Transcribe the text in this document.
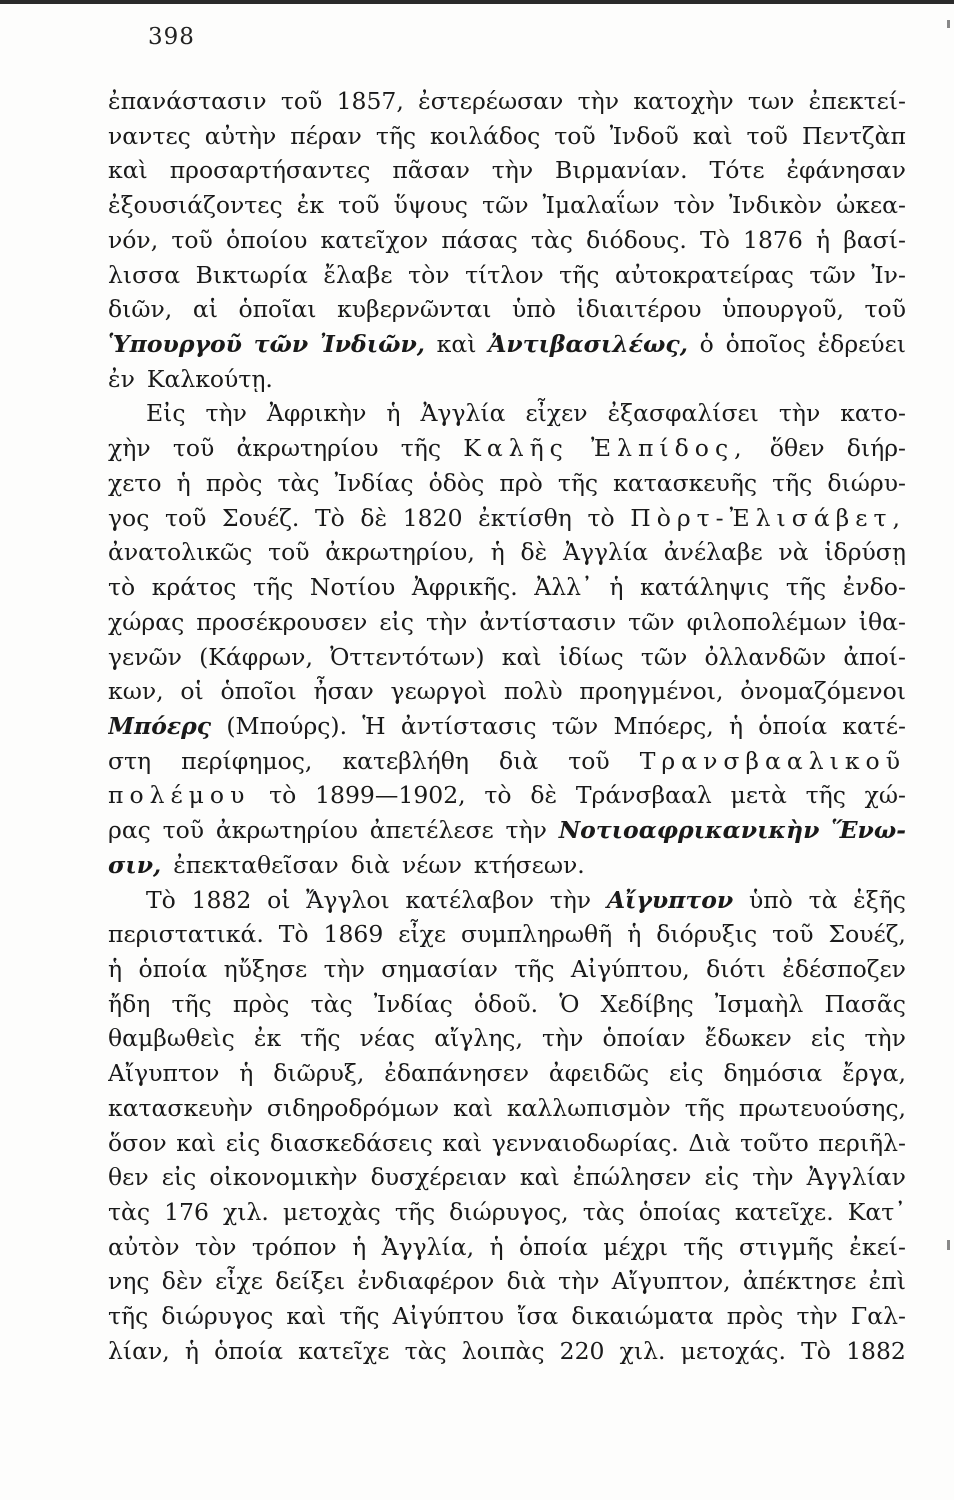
398
ἐπανάστασιν τοῦ 1857, ἐστερέωσαν τὴν κατοχὴν των ἐπεκτεί-
ναντες αὐτὴν πέραν τῆς κοιλάδος τοῦ Ἰνδοῦ καὶ τοῦ Πεντζὰπ
καὶ προσαρτήσαντες πᾶσαν τὴν Βιρμανίαν. Τότε ἐφάνησαν
ἐξουσιάζοντες ἐκ τοῦ ὕψους τῶν Ἰμαλαΐων τὸν Ἰνδικὸν ὠκεα-
νόν, τοῦ ὁποίου κατεῖχον πάσας τὰς διόδους. Τὸ 1876 ἡ βασί-
λισσα Βικτωρία ἔλαβε τὸν τίτλον τῆς αὐτοκρατείρας τῶν Ἰν-
διῶν, αἱ ὁποῖαι κυβερνῶνται ὑπὸ ἰδιαιτέρου ὑπουργοῦ, τοῦ
Ὑπουργοῦ τῶν Ἰνδιῶν, καὶ Ἀντιβασιλέως, ὁ ὁποῖος ἑδρεύει
ἐν Καλκούτῃ.
Εἰς τὴν Ἀφρικὴν ἡ Ἀγγλία εἶχεν ἐξασφαλίσει τὴν κατο-
χὴν τοῦ ἀκρωτηρίου τῆς Καλῆς Ἐλπίδος, ὅθεν διήρ-
χετο ἡ πρὸς τὰς Ἰνδίας ὁδὸς πρὸ τῆς κατασκευῆς τῆς διώρυ-
γος τοῦ Σουέζ. Τὸ δὲ 1820 ἐκτίσθη τὸ Πὸρτ-Ἐλισάβετ,
ἀνατολικῶς τοῦ ἀκρωτηρίου, ἡ δὲ Ἀγγλία ἀνέλαβε νὰ ἱδρύσῃ
τὸ κράτος τῆς Νοτίου Ἀφρικῆς. Ἀλλ᾽ ἡ κατάληψις τῆς ἐνδο-
χώρας προσέκρουσεν εἰς τὴν ἀντίστασιν τῶν φιλοπολέμων ἰθα-
γενῶν (Κάφρων, Ὀττεντότων) καὶ ἰδίως τῶν ὀλλανδῶν ἀποί-
κων, οἱ ὁποῖοι ἦσαν γεωργοὶ πολὺ προηγμένοι, ὀνομαζόμενοι
Μπόερς (Μπούρς). Ἡ ἀντίστασις τῶν Μπόερς, ἡ ὁποία κατέ-
στη περίφημος, κατεβλήθη διὰ τοῦ Τρανσβααλικοῦ
πολέμου τὸ 1899—1902, τὸ δὲ Τράνσβααλ μετὰ τῆς χώ-
ρας τοῦ ἀκρωτηρίου ἀπετέλεσε τὴν Νοτιοαφρικανικὴν Ἕνω-
σιν, ἐπεκταθεῖσαν διὰ νέων κτήσεων.
Τὸ 1882 οἱ Ἄγγλοι κατέλαβον τὴν Αἴγυπτον ὑπὸ τὰ ἑξῆς
περιστατικά. Τὸ 1869 εἶχε συμπληρωθῆ ἡ διόρυξις τοῦ Σουέζ,
ἡ ὁποία ηὔξησε τὴν σημασίαν τῆς Αἰγύπτου, διότι ἐδέσποζεν
ἤδη τῆς πρὸς τὰς Ἰνδίας ὁδοῦ. Ὁ Χεδίβης Ἰσμαὴλ Πασᾶς
θαμβωθεὶς ἐκ τῆς νέας αἴγλης, τὴν ὁποίαν ἔδωκεν εἰς τὴν
Αἴγυπτον ἡ διῶρυξ, ἐδαπάνησεν ἀφειδῶς εἰς δημόσια ἔργα,
κατασκευὴν σιδηροδρόμων καὶ καλλωπισμὸν τῆς πρωτευούσης,
ὅσον καὶ εἰς διασκεδάσεις καὶ γενναιοδωρίας. Διὰ τοῦτο περιῆλ-
θεν εἰς οἰκονομικὴν δυσχέρειαν καὶ ἐπώλησεν εἰς τὴν Ἀγγλίαν
τὰς 176 χιλ. μετοχὰς τῆς διώρυγος, τὰς ὁποίας κατεῖχε. Κατ᾽
αὐτὸν τὸν τρόπον ἡ Ἀγγλία, ἡ ὁποία μέχρι τῆς στιγμῆς ἐκεί-
νης δὲν εἶχε δείξει ἐνδιαφέρον διὰ τὴν Αἴγυπτον, ἀπέκτησε ἐπὶ
τῆς διώρυγος καὶ τῆς Αἰγύπτου ἴσα δικαιώματα πρὸς τὴν Γαλ-
λίαν, ἡ ὁποία κατεῖχε τὰς λοιπὰς 220 χιλ. μετοχάς. Τὸ 1882
